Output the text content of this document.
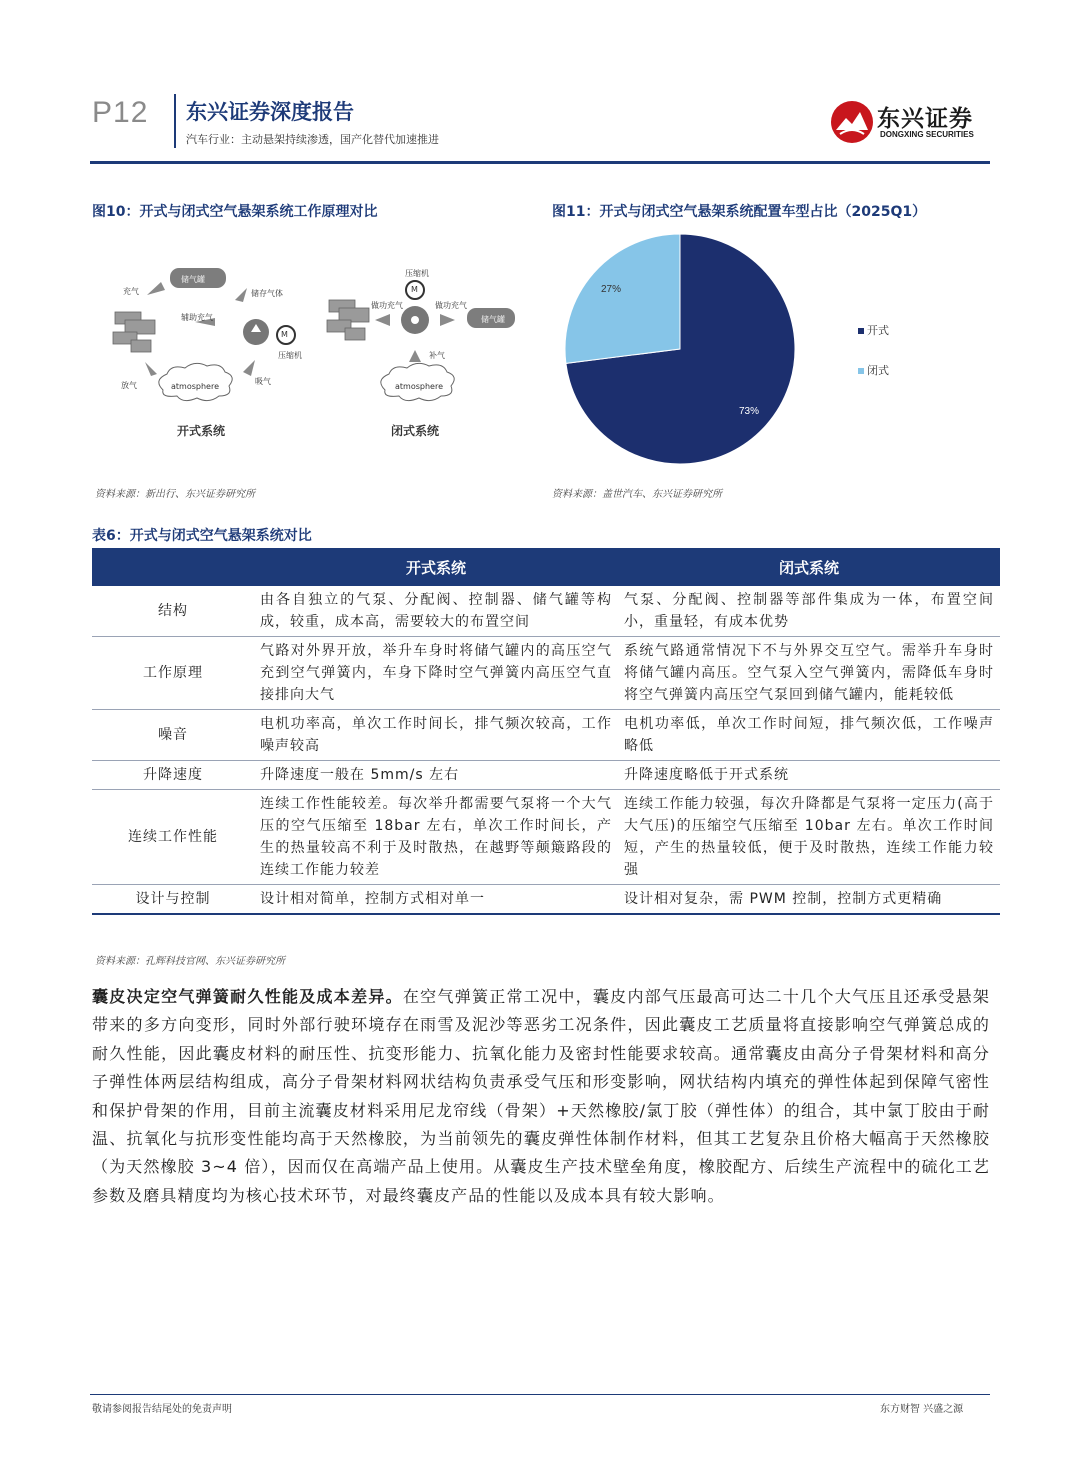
P12 东兴证券深度报告
汽车行业：主动悬架持续渗透，国产化替代加速推进
东兴证券
DONGXING SECURITIES
图10：开式与闭式空气悬架系统工作原理对比
储气罐
充气	储存气体
辅助充气
M
压缩机
放气	吸气
atmosphere
开式系统
压缩机
M
做功充气	做功充气
储气罐
补气
atmosphere
闭式系统
资料来源：新出行、东兴证券研究所
图11：开式与闭式空气悬架系统配置车型占比（2025Q1）
73%
27%
开式
闭式
资料来源：盖世汽车、东兴证券研究所
表6：开式与闭式空气悬架系统对比
	开式系统	闭式系统
结构	由各自独立的气泵、分配阀、控制器、储气罐等构成，较重，成本高，需要较大的布置空间	气泵、分配阀、控制器等部件集成为一体，布置空间小，重量轻，有成本优势
工作原理	气路对外界开放，举升车身时将储气罐内的高压空气充到空气弹簧内，车身下降时空气弹簧内高压空气直接排向大气	系统气路通常情况下不与外界交互空气。需举升车身时将储气罐内高压。空气泵入空气弹簧内，需降低车身时将空气弹簧内高压空气泵回到储气罐内，能耗较低
噪音	电机功率高，单次工作时间长，排气频次较高，工作噪声较高	电机功率低，单次工作时间短，排气频次低，工作噪声略低
升降速度	升降速度一般在 5mm/s 左右	升降速度略低于开式系统
连续工作性能	连续工作性能较差。每次举升都需要气泵将一个大气压的空气压缩至 18bar 左右，单次工作时间长，产生的热量较高不利于及时散热，在越野等颠簸路段的连续工作能力较差	连续工作能力较强，每次升降都是气泵将一定压力(高于大气压)的压缩空气压缩至 10bar 左右。单次工作时间短，产生的热量较低，便于及时散热，连续工作能力较强
设计与控制	设计相对简单，控制方式相对单一	设计相对复杂，需 PWM 控制，控制方式更精确
资料来源：孔辉科技官网、东兴证券研究所
囊皮决定空气弹簧耐久性能及成本差异。在空气弹簧正常工况中，囊皮内部气压最高可达二十几个大气压且还承受悬架带来的多方向变形，同时外部行驶环境存在雨雪及泥沙等恶劣工况条件，因此囊皮工艺质量将直接影响空气弹簧总成的耐久性能，因此囊皮材料的耐压性、抗变形能力、抗氧化能力及密封性能要求较高。通常囊皮由高分子骨架材料和高分子弹性体两层结构组成，高分子骨架材料网状结构负责承受气压和形变影响，网状结构内填充的弹性体起到保障气密性和保护骨架的作用，目前主流囊皮材料采用尼龙帘线（骨架）+天然橡胶/氯丁胶（弹性体）的组合，其中氯丁胶由于耐温、抗氧化与抗形变性能均高于天然橡胶，为当前领先的囊皮弹性体制作材料，但其工艺复杂且价格大幅高于天然橡胶（为天然橡胶 3~4 倍），因而仅在高端产品上使用。从囊皮生产技术壁垒角度，橡胶配方、后续生产流程中的硫化工艺参数及磨具精度均为核心技术环节，对最终囊皮产品的性能以及成本具有较大影响。
敬请参阅报告结尾处的免责声明	东方财智 兴盛之源
